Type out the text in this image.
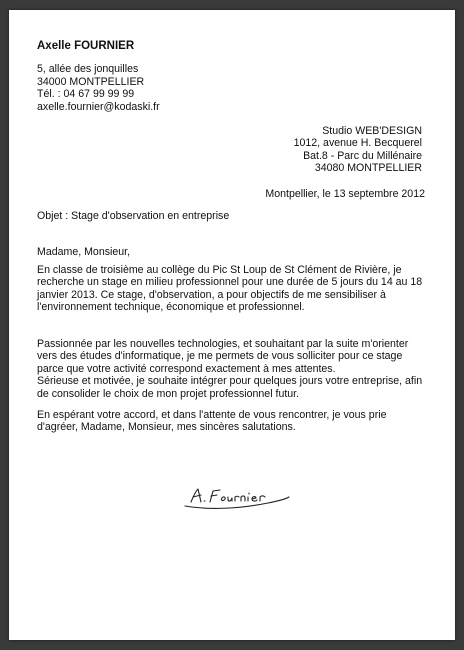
Axelle FOURNIER
5, allée des jonquilles
34000 MONTPELLIER
Tél. : 04 67 99 99 99
axelle.fournier@kodaski.fr
Studio WEB'DESIGN
1012, avenue H. Becquerel
Bat.8 - Parc du Millénaire
34080 MONTPELLIER
Montpellier, le 13 septembre 2012
Objet : Stage d'observation en entreprise
Madame, Monsieur,
En classe de troisième au collège du Pic St Loup de St Clément de Rivière, je
recherche un stage en milieu professionnel pour une durée de 5 jours du 14 au 18
janvier 2013. Ce stage, d'observation, a pour objectifs de me sensibiliser à
l'environnement technique, économique et professionnel.
Passionnée par les nouvelles technologies, et souhaitant par la suite m'orienter
vers des études d'informatique, je me permets de vous solliciter pour ce stage
parce que votre activité correspond exactement à mes attentes.
Sérieuse et motivée, je souhaite intégrer pour quelques jours votre entreprise, afin
de consolider le choix de mon projet professionnel futur.
En espérant votre accord, et dans l'attente de vous rencontrer, je vous prie
d'agréer, Madame, Monsieur, mes sincères salutations.
